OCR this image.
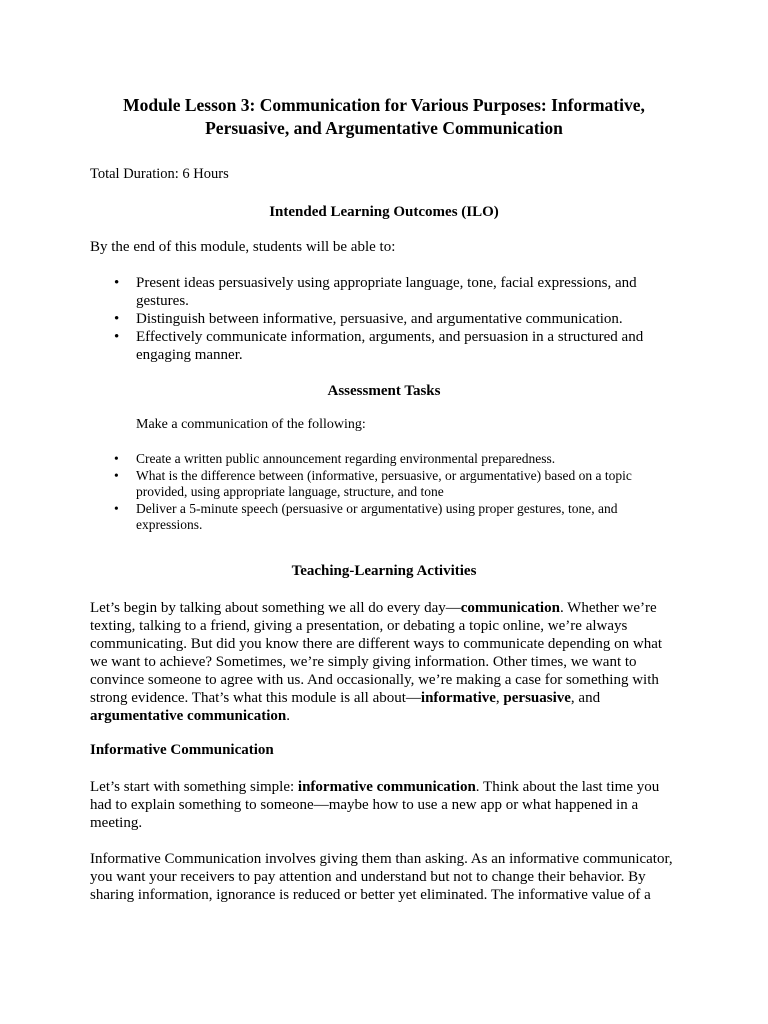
Module Lesson 3: Communication for Various Purposes: Informative,
Persuasive, and Argumentative Communication
Total Duration: 6 Hours
Intended Learning Outcomes (ILO)
By the end of this module, students will be able to:
• Present ideas persuasively using appropriate language, tone, facial expressions, and gestures.
• Distinguish between informative, persuasive, and argumentative communication.
• Effectively communicate information, arguments, and persuasion in a structured and engaging manner.
Assessment Tasks
Make a communication of the following:
• Create a written public announcement regarding environmental preparedness.
• What is the difference between (informative, persuasive, or argumentative) based on a topic provided, using appropriate language, structure, and tone
• Deliver a 5-minute speech (persuasive or argumentative) using proper gestures, tone, and expressions.
Teaching-Learning Activities
Let’s begin by talking about something we all do every day—communication. Whether we’re texting, talking to a friend, giving a presentation, or debating a topic online, we’re always communicating. But did you know there are different ways to communicate depending on what we want to achieve? Sometimes, we’re simply giving information. Other times, we want to convince someone to agree with us. And occasionally, we’re making a case for something with strong evidence. That’s what this module is all about—informative, persuasive, and argumentative communication.
Informative Communication
Let’s start with something simple: informative communication. Think about the last time you had to explain something to someone—maybe how to use a new app or what happened in a meeting.
Informative Communication involves giving them than asking. As an informative communicator, you want your receivers to pay attention and understand but not to change their behavior. By sharing information, ignorance is reduced or better yet eliminated. The informative value of a
